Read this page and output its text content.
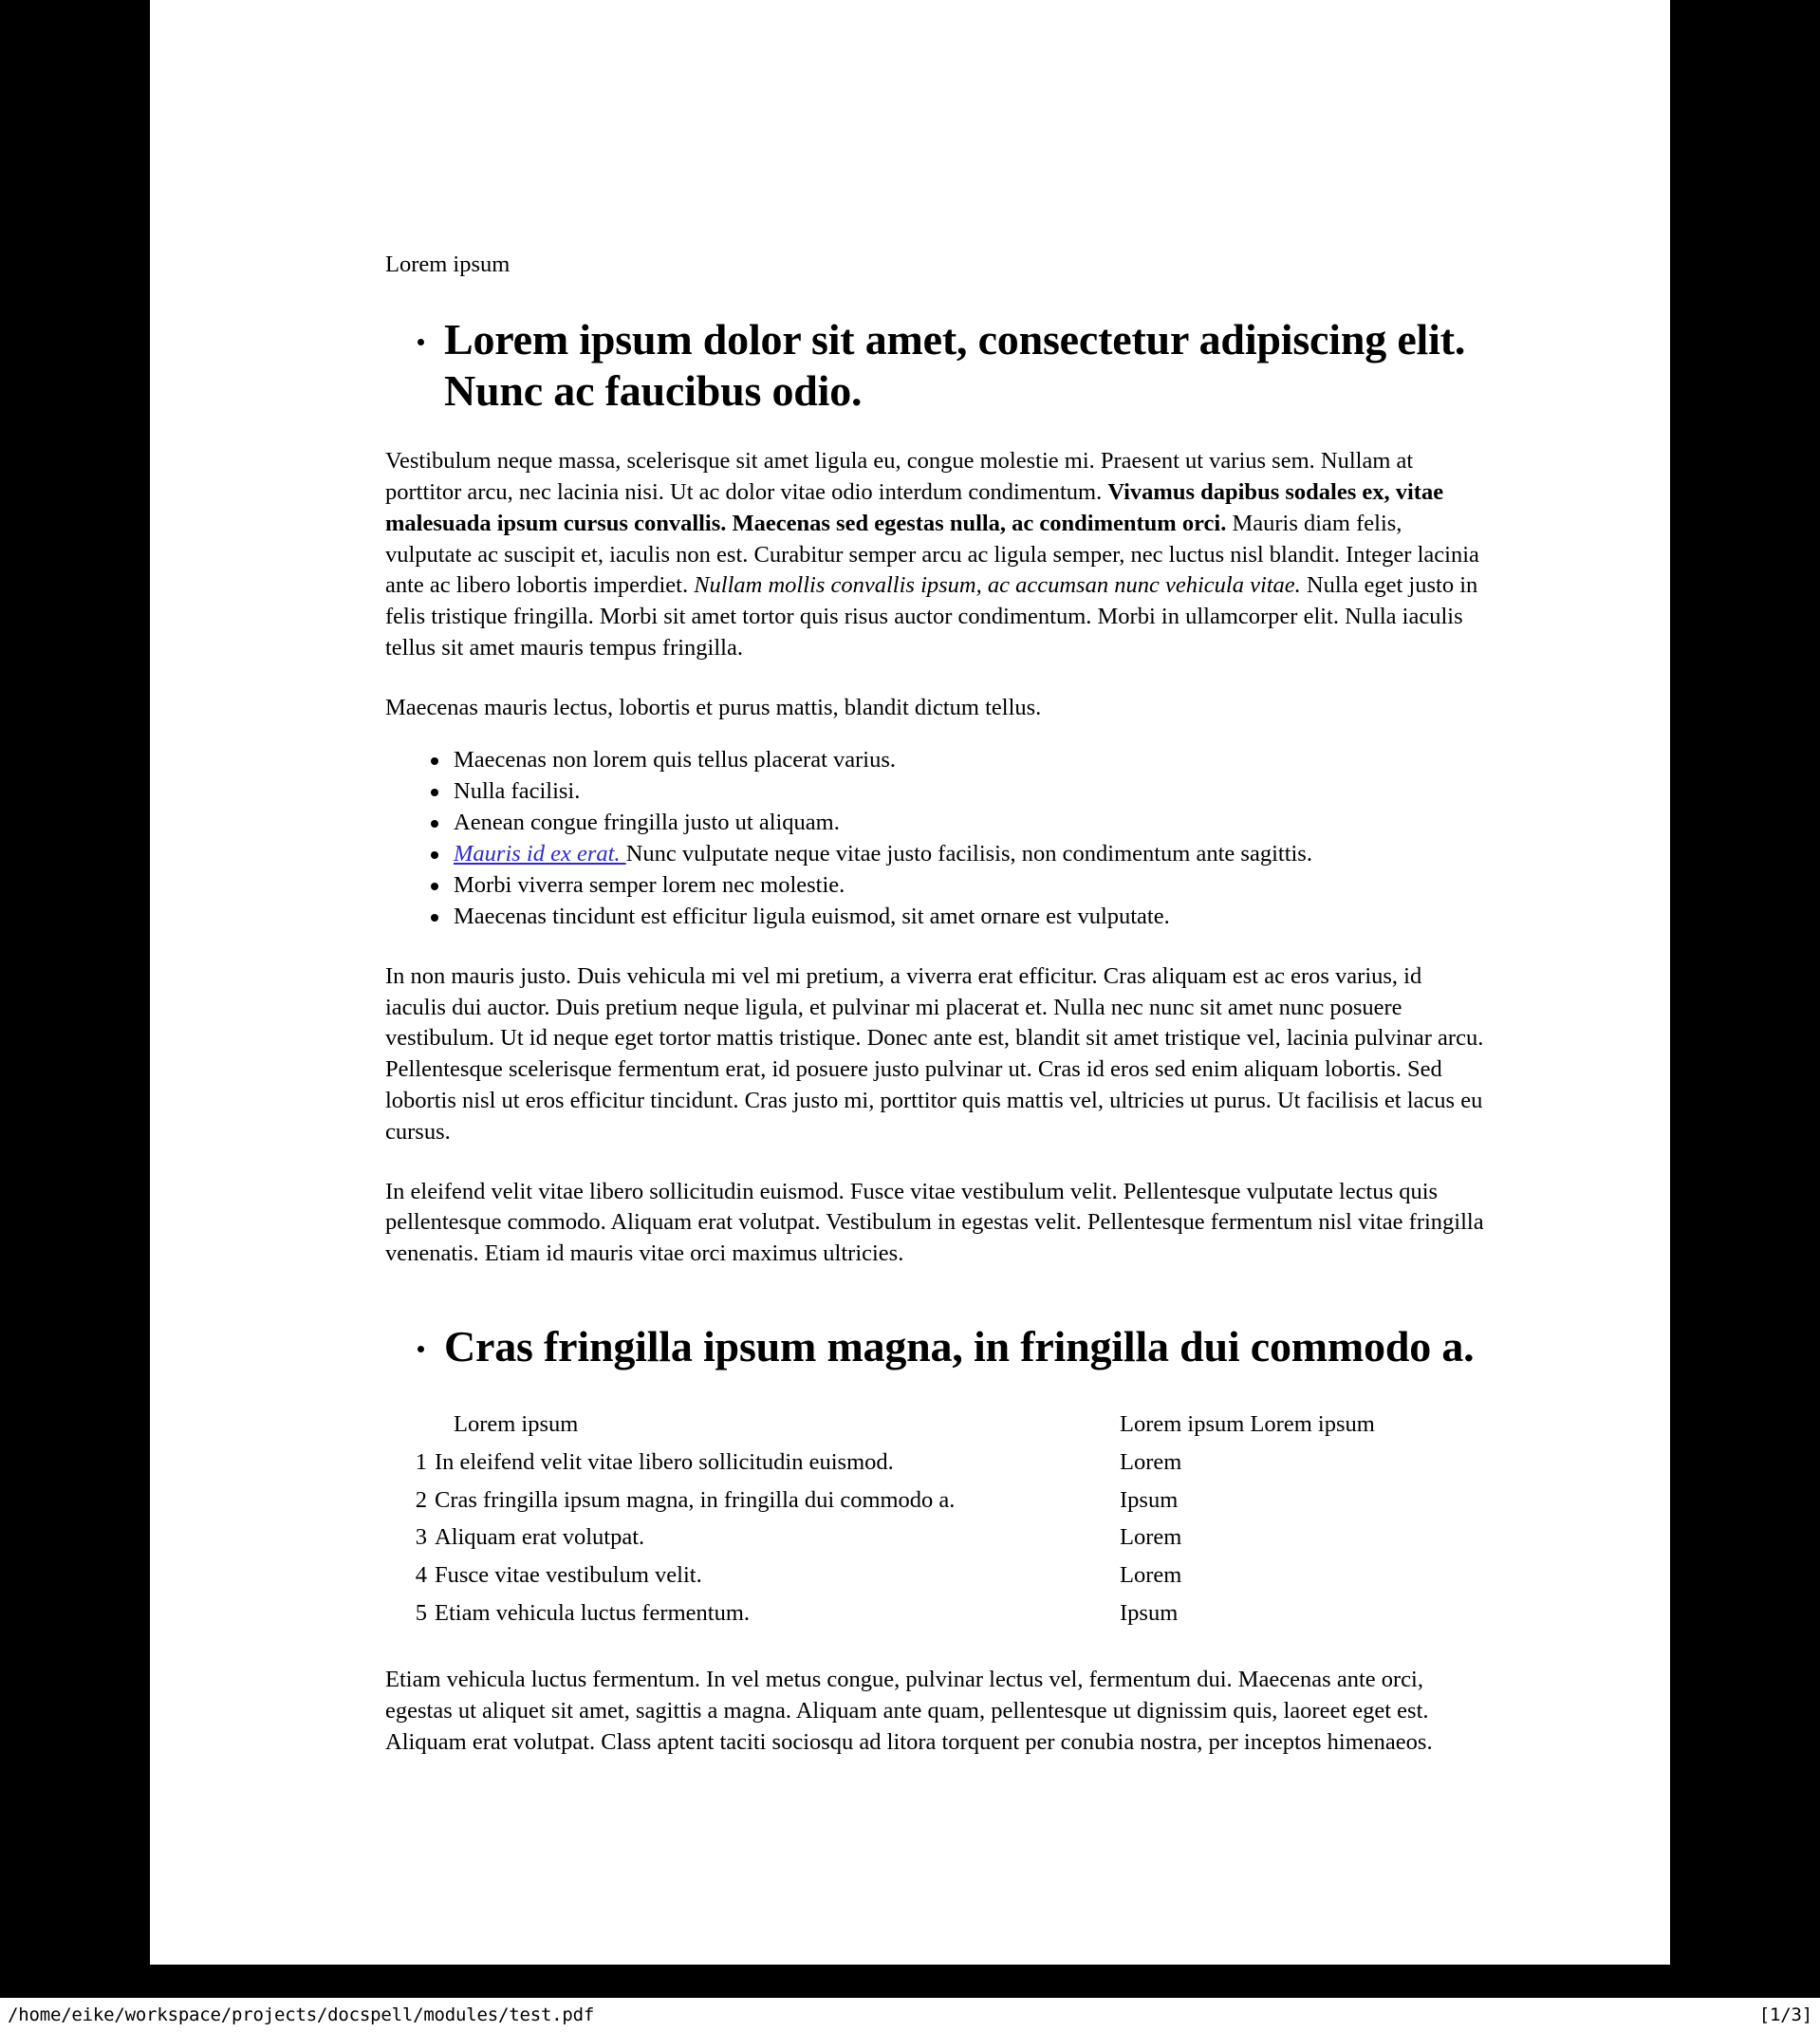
Lorem ipsum

Lorem ipsum dolor sit amet, consectetur adipiscing elit. Nunc ac faucibus odio.

Vestibulum neque massa, scelerisque sit amet ligula eu, congue molestie mi. Praesent ut varius sem. Nullam at porttitor arcu, nec lacinia nisi. Ut ac dolor vitae odio interdum condimentum. Vivamus dapibus sodales ex, vitae malesuada ipsum cursus convallis. Maecenas sed egestas nulla, ac condimentum orci. Mauris diam felis, vulputate ac suscipit et, iaculis non est. Curabitur semper arcu ac ligula semper, nec luctus nisl blandit. Integer lacinia ante ac libero lobortis imperdiet. Nullam mollis convallis ipsum, ac accumsan nunc vehicula vitae. Nulla eget justo in felis tristique fringilla. Morbi sit amet tortor quis risus auctor condimentum. Morbi in ullamcorper elit. Nulla iaculis tellus sit amet mauris tempus fringilla.

Maecenas mauris lectus, lobortis et purus mattis, blandit dictum tellus.

Maecenas non lorem quis tellus placerat varius.
Nulla facilisi.
Aenean congue fringilla justo ut aliquam.
Mauris id ex erat. Nunc vulputate neque vitae justo facilisis, non condimentum ante sagittis.
Morbi viverra semper lorem nec molestie.
Maecenas tincidunt est efficitur ligula euismod, sit amet ornare est vulputate.

In non mauris justo. Duis vehicula mi vel mi pretium, a viverra erat efficitur. Cras aliquam est ac eros varius, id iaculis dui auctor. Duis pretium neque ligula, et pulvinar mi placerat et. Nulla nec nunc sit amet nunc posuere vestibulum. Ut id neque eget tortor mattis tristique. Donec ante est, blandit sit amet tristique vel, lacinia pulvinar arcu. Pellentesque scelerisque fermentum erat, id posuere justo pulvinar ut. Cras id eros sed enim aliquam lobortis. Sed lobortis nisl ut eros efficitur tincidunt. Cras justo mi, porttitor quis mattis vel, ultricies ut purus. Ut facilisis et lacus eu cursus.

In eleifend velit vitae libero sollicitudin euismod. Fusce vitae vestibulum velit. Pellentesque vulputate lectus quis pellentesque commodo. Aliquam erat volutpat. Vestibulum in egestas velit. Pellentesque fermentum nisl vitae fringilla venenatis. Etiam id mauris vitae orci maximus ultricies.

Cras fringilla ipsum magna, in fringilla dui commodo a.
	Lorem ipsum	Lorem ipsum Lorem ipsum
1	In eleifend velit vitae libero sollicitudin euismod.	Lorem
2	Cras fringilla ipsum magna, in fringilla dui commodo a.	Ipsum
3	Aliquam erat volutpat.	Lorem
4	Fusce vitae vestibulum velit.	Lorem
5	Etiam vehicula luctus fermentum.	Ipsum

Etiam vehicula luctus fermentum. In vel metus congue, pulvinar lectus vel, fermentum dui. Maecenas ante orci, egestas ut aliquet sit amet, sagittis a magna. Aliquam ante quam, pellentesque ut dignissim quis, laoreet eget est. Aliquam erat volutpat. Class aptent taciti sociosqu ad litora torquent per conubia nostra, per inceptos himenaeos.

/home/eike/workspace/projects/docspell/modules/test.pdf	[1/3]
